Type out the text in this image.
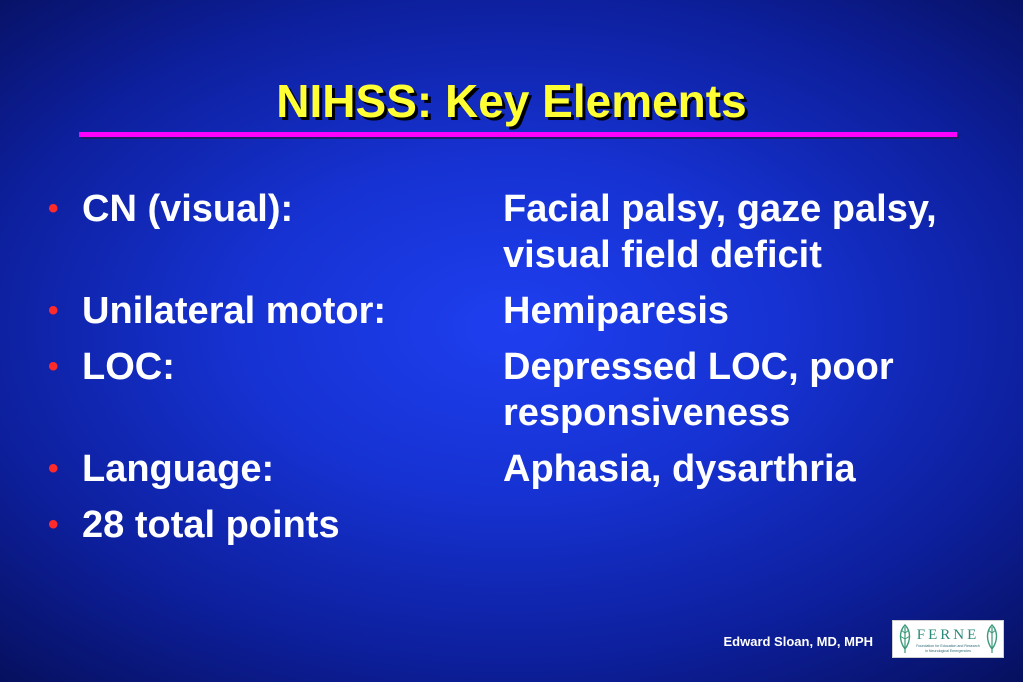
NIHSS: Key Elements
• CN (visual):	Facial palsy, gaze palsy, visual field deficit
• Unilateral motor:	Hemiparesis
• LOC:	Depressed LOC, poor responsiveness
• Language:	Aphasia, dysarthria
• 28 total points
Edward Sloan, MD, MPH	FERNE
Foundation for Education and Research
in Neurological Emergencies
